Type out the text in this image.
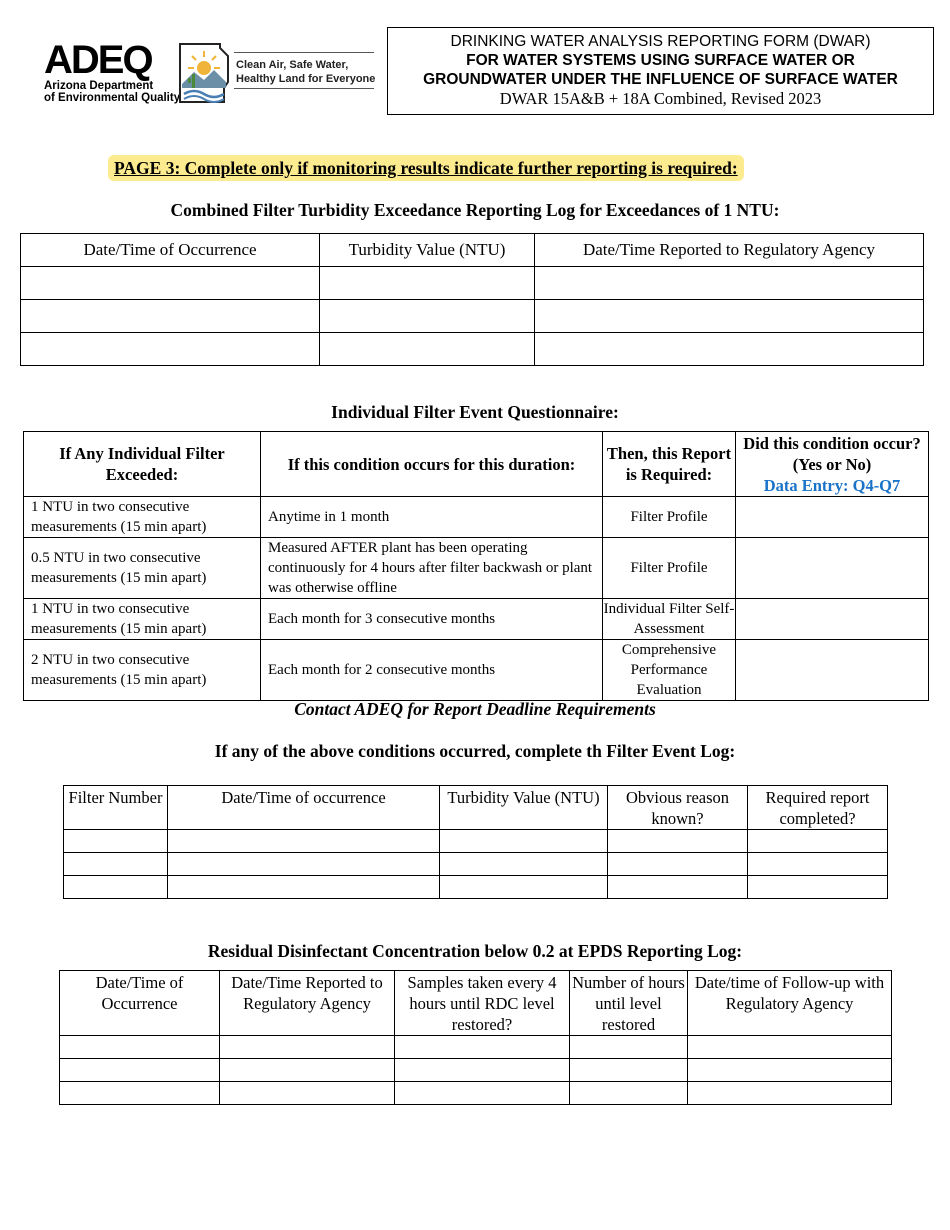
ADEQ
Arizona Department
of Environmental Quality
Clean Air, Safe Water,
Healthy Land for Everyone
DRINKING WATER ANALYSIS REPORTING FORM (DWAR)
FOR WATER SYSTEMS USING SURFACE WATER OR
GROUNDWATER UNDER THE INFLUENCE OF SURFACE WATER
DWAR 15A&B + 18A Combined, Revised 2023
PAGE 3: Complete only if monitoring results indicate further reporting is required:
Combined Filter Turbidity Exceedance Reporting Log for Exceedances of 1 NTU:
Date/Time of Occurrence	Turbidity Value (NTU)	Date/Time Reported to Regulatory Agency

Individual Filter Event Questionnaire:
If Any Individual Filter Exceeded:	If this condition occurs for this duration:	Then, this Report is Required:	Did this condition occur? (Yes or No)
Data Entry: Q4-Q7

1 NTU in two consecutive measurements (15 min apart)	Anytime in 1 month	Filter Profile	
0.5 NTU in two consecutive measurements (15 min apart)	Measured AFTER plant has been operating continuously for 4 hours after filter backwash or plant was otherwise offline	Filter Profile	
1 NTU in two consecutive measurements (15 min apart)	Each month for 3 consecutive months	Individual Filter Self-Assessment	
2 NTU in two consecutive measurements (15 min apart)	Each month for 2 consecutive months	Comprehensive Performance Evaluation	
Contact ADEQ for Report Deadline Requirements
If any of the above conditions occurred, complete th Filter Event Log:
Filter Number	Date/Time of occurrence	Turbidity Value (NTU)	Obvious reason known?	Required report completed?

Residual Disinfectant Concentration below 0.2 at EPDS Reporting Log:
Date/Time of Occurrence	Date/Time Reported to Regulatory Agency	Samples taken every 4 hours until RDC level restored?	Number of hours until level restored	Date/time of Follow-up with Regulatory Agency
